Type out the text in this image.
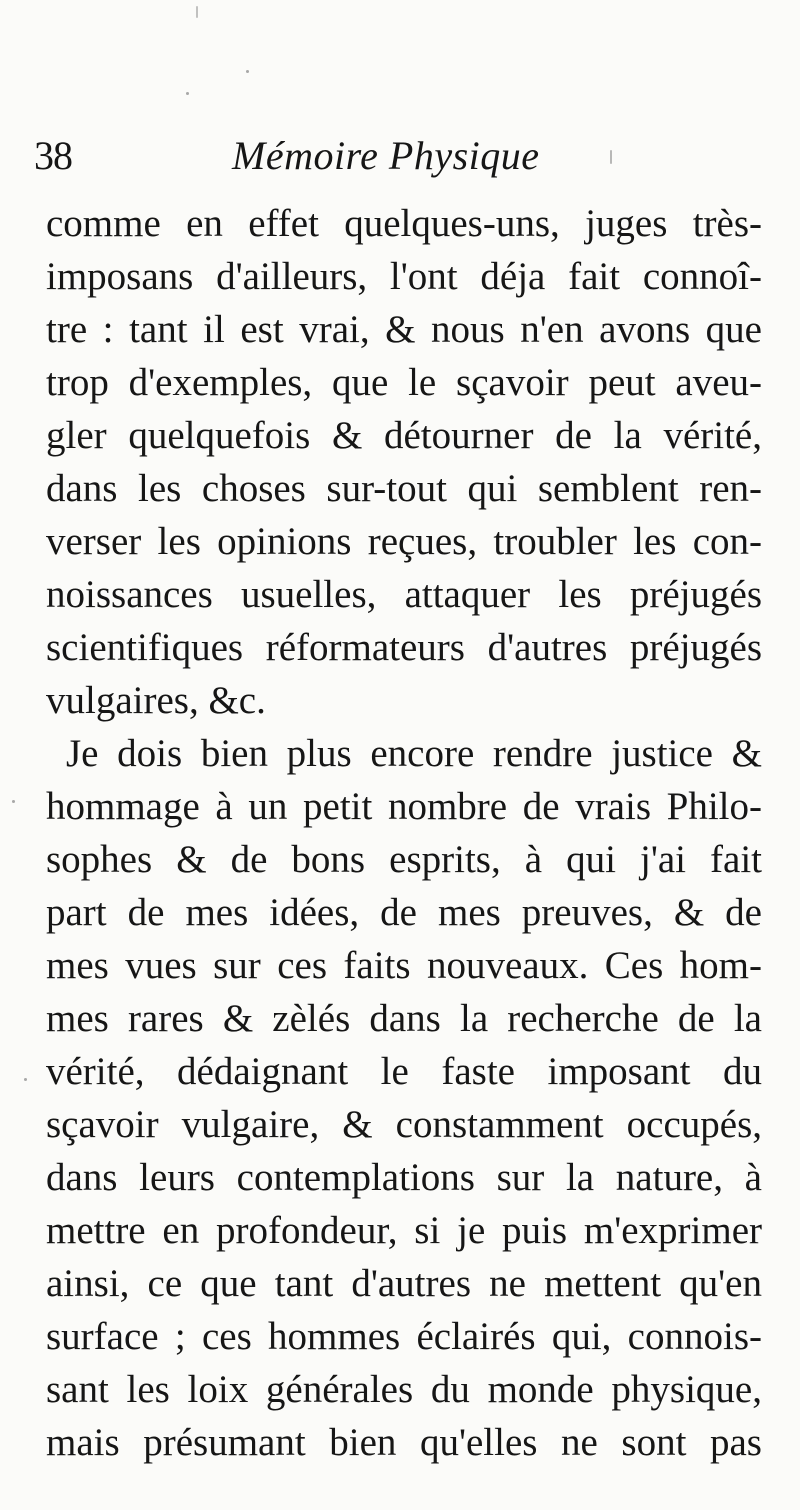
38	Mémoire Physique
comme en effet quelques-uns, juges très-
imposans d'ailleurs, l'ont déja fait connoî-
tre : tant il est vrai, & nous n'en avons que
trop d'exemples, que le sçavoir peut aveu-
gler quelquefois & détourner de la vérité,
dans les choses sur-tout qui semblent ren-
verser les opinions reçues, troubler les con-
noissances usuelles, attaquer les préjugés
scientifiques réformateurs d'autres préjugés
vulgaires, &c.
Je dois bien plus encore rendre justice &
hommage à un petit nombre de vrais Philo-
sophes & de bons esprits, à qui j'ai fait
part de mes idées, de mes preuves, & de
mes vues sur ces faits nouveaux. Ces hom-
mes rares & zèlés dans la recherche de la
vérité, dédaignant le faste imposant du
sçavoir vulgaire, & constamment occupés,
dans leurs contemplations sur la nature, à
mettre en profondeur, si je puis m'exprimer
ainsi, ce que tant d'autres ne mettent qu'en
surface ; ces hommes éclairés qui, connois-
sant les loix générales du monde physique,
mais présumant bien qu'elles ne sont pas
